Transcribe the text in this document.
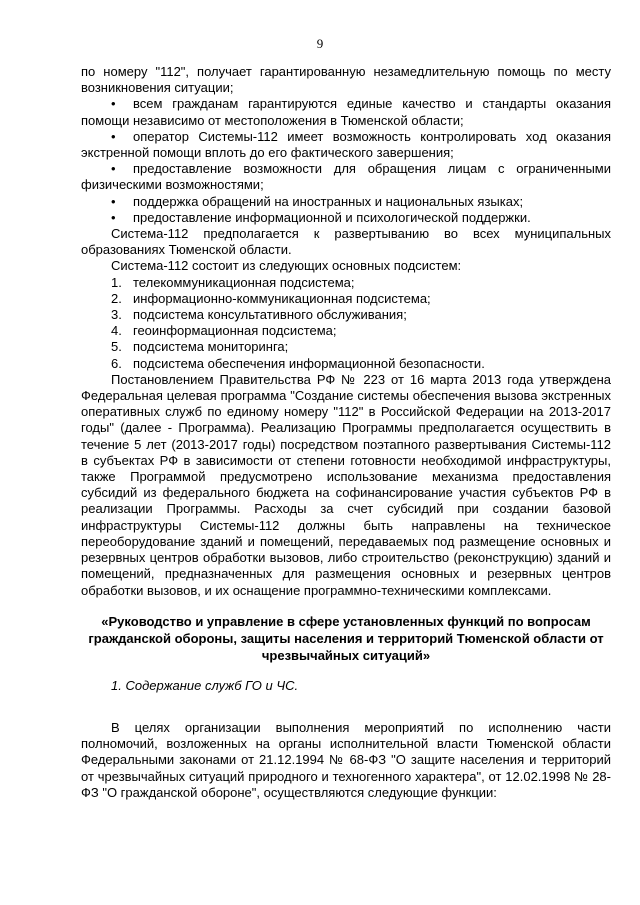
9

по номеру "112", получает гарантированную незамедлительную помощь по месту возникновения ситуации;

• всем гражданам гарантируются единые качество и стандарты оказания помощи независимо от местоположения в Тюменской области;

• оператор Системы-112 имеет возможность контролировать ход оказания экстренной помощи вплоть до его фактического завершения;

• предоставление возможности для обращения лицам с ограниченными физическими возможностями;

• поддержка обращений на иностранных и национальных языках;

• предоставление информационной и психологической поддержки.

Система-112 предполагается к развертыванию во всех муниципальных образованиях Тюменской области.

Система-112 состоит из следующих основных подсистем:

1. телекоммуникационная подсистема;

2. информационно-коммуникационная подсистема;

3. подсистема консультативного обслуживания;

4. геоинформационная подсистема;

5. подсистема мониторинга;

6. подсистема обеспечения информационной безопасности.

Постановлением Правительства РФ № 223 от 16 марта 2013 года утверждена Федеральная целевая программа "Создание системы обеспечения вызова экстренных оперативных служб по единому номеру "112" в Российской Федерации на 2013-2017 годы" (далее - Программа). Реализацию Программы предполагается осуществить в течение 5 лет (2013-2017 годы) посредством поэтапного развертывания Системы-112 в субъектах РФ в зависимости от степени готовности необходимой инфраструктуры, также Программой предусмотрено использование механизма предоставления субсидий из федерального бюджета на софинансирование участия субъектов РФ в реализации Программы. Расходы за счет субсидий при создании базовой инфраструктуры Системы-112 должны быть направлены на техническое переоборудование зданий и помещений, передаваемых под размещение основных и резервных центров обработки вызовов, либо строительство (реконструкцию) зданий и помещений, предназначенных для размещения основных и резервных центров обработки вызовов, и их оснащение программно-техническими комплексами.

«Руководство и управление в сфере установленных функций по вопросам гражданской обороны, защиты населения и территорий Тюменской области от чрезвычайных ситуаций»

1. Содержание служб ГО и ЧС.

В целях организации выполнения мероприятий по исполнению части полномочий, возложенных на органы исполнительной власти Тюменской области Федеральными законами от 21.12.1994 № 68-ФЗ "О защите населения и территорий от чрезвычайных ситуаций природного и техногенного характера", от 12.02.1998 № 28-ФЗ "О гражданской обороне", осуществляются следующие функции:
